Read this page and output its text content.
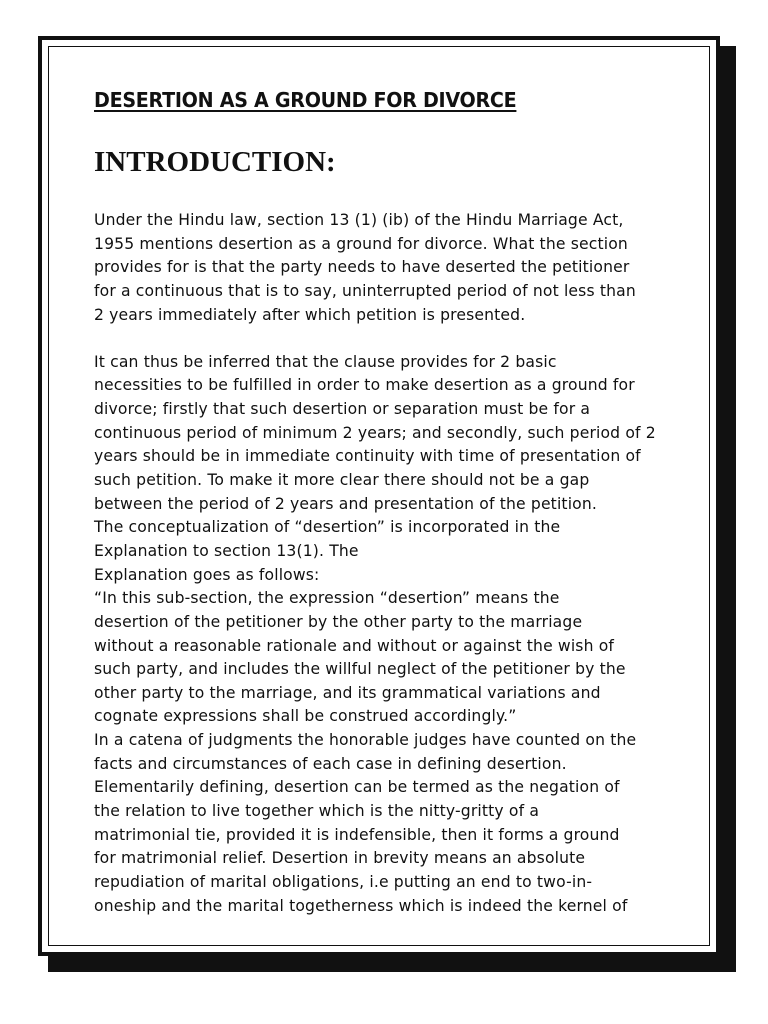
DESERTION AS A GROUND FOR DIVORCE
INTRODUCTION:
Under the Hindu law, section 13 (1) (ib) of the Hindu Marriage Act,
1955 mentions desertion as a ground for divorce. What the section
provides for is that the party needs to have deserted the petitioner
for a continuous that is to say, uninterrupted period of not less than
2 years immediately after which petition is presented.
It can thus be inferred that the clause provides for 2 basic
necessities to be fulfilled in order to make desertion as a ground for
divorce; firstly that such desertion or separation must be for a
continuous period of minimum 2 years; and secondly, such period of 2
years should be in immediate continuity with time of presentation of
such petition. To make it more clear there should not be a gap
between the period of 2 years and presentation of the petition.
The conceptualization of “desertion” is incorporated in the
Explanation to section 13(1). The
Explanation goes as follows:
“In this sub-section, the expression “desertion” means the
desertion of the petitioner by the other party to the marriage
without a reasonable rationale and without or against the wish of
such party, and includes the willful neglect of the petitioner by the
other party to the marriage, and its grammatical variations and
cognate expressions shall be construed accordingly.”
In a catena of judgments the honorable judges have counted on the
facts and circumstances of each case in defining desertion.
Elementarily defining, desertion can be termed as the negation of
the relation to live together which is the nitty-gritty of a
matrimonial tie, provided it is indefensible, then it forms a ground
for matrimonial relief. Desertion in brevity means an absolute
repudiation of marital obligations, i.e putting an end to two-in-
oneship and the marital togetherness which is indeed the kernel of
